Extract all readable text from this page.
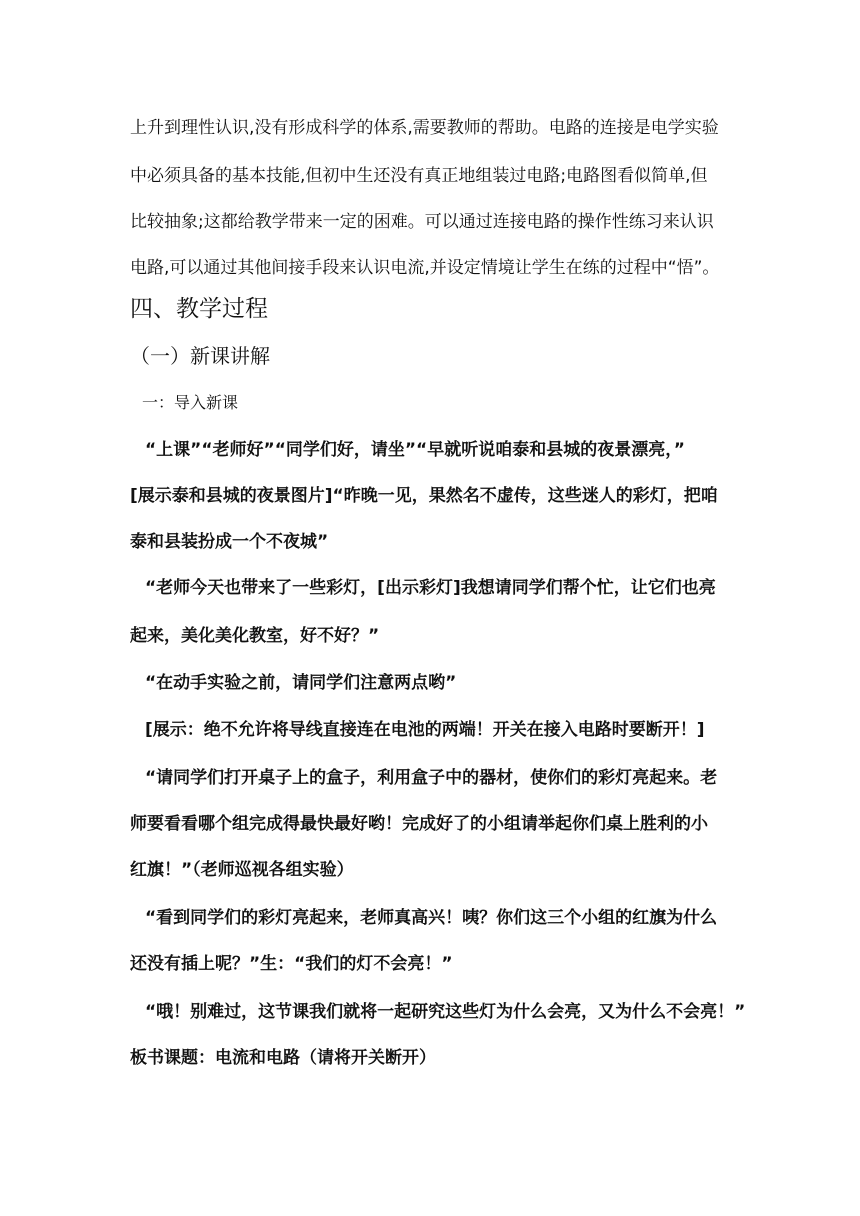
上升到理性认识,没有形成科学的体系,需要教师的帮助。电路的连接是电学实验
中必须具备的基本技能,但初中生还没有真正地组装过电路;电路图看似简单,但
比较抽象;这都给教学带来一定的困难。可以通过连接电路的操作性练习来认识
电路,可以通过其他间接手段来认识电流,并设定情境让学生在练的过程中“悟”。
四、教学过程
（一）新课讲解
一：导入新课
“上课”“老师好”“同学们好，请坐”“早就听说咱泰和县城的夜景漂亮，”
[展示泰和县城的夜景图片]“昨晚一见，果然名不虚传，这些迷人的彩灯，把咱
泰和县装扮成一个不夜城”
“老师今天也带来了一些彩灯，[出示彩灯]我想请同学们帮个忙，让它们也亮
起来，美化美化教室，好不好？”
“在动手实验之前，请同学们注意两点哟”
[展示：绝不允许将导线直接连在电池的两端！开关在接入电路时要断开！]
“请同学们打开桌子上的盒子，利用盒子中的器材，使你们的彩灯亮起来。老
师要看看哪个组完成得最快最好哟！完成好了的小组请举起你们桌上胜利的小
红旗！”（老师巡视各组实验）
“看到同学们的彩灯亮起来，老师真高兴！咦？你们这三个小组的红旗为什么
还没有插上呢？”生：“我们的灯不会亮！”
“哦！别难过，这节课我们就将一起研究这些灯为什么会亮，又为什么不会亮！”
板书课题：电流和电路（请将开关断开）
